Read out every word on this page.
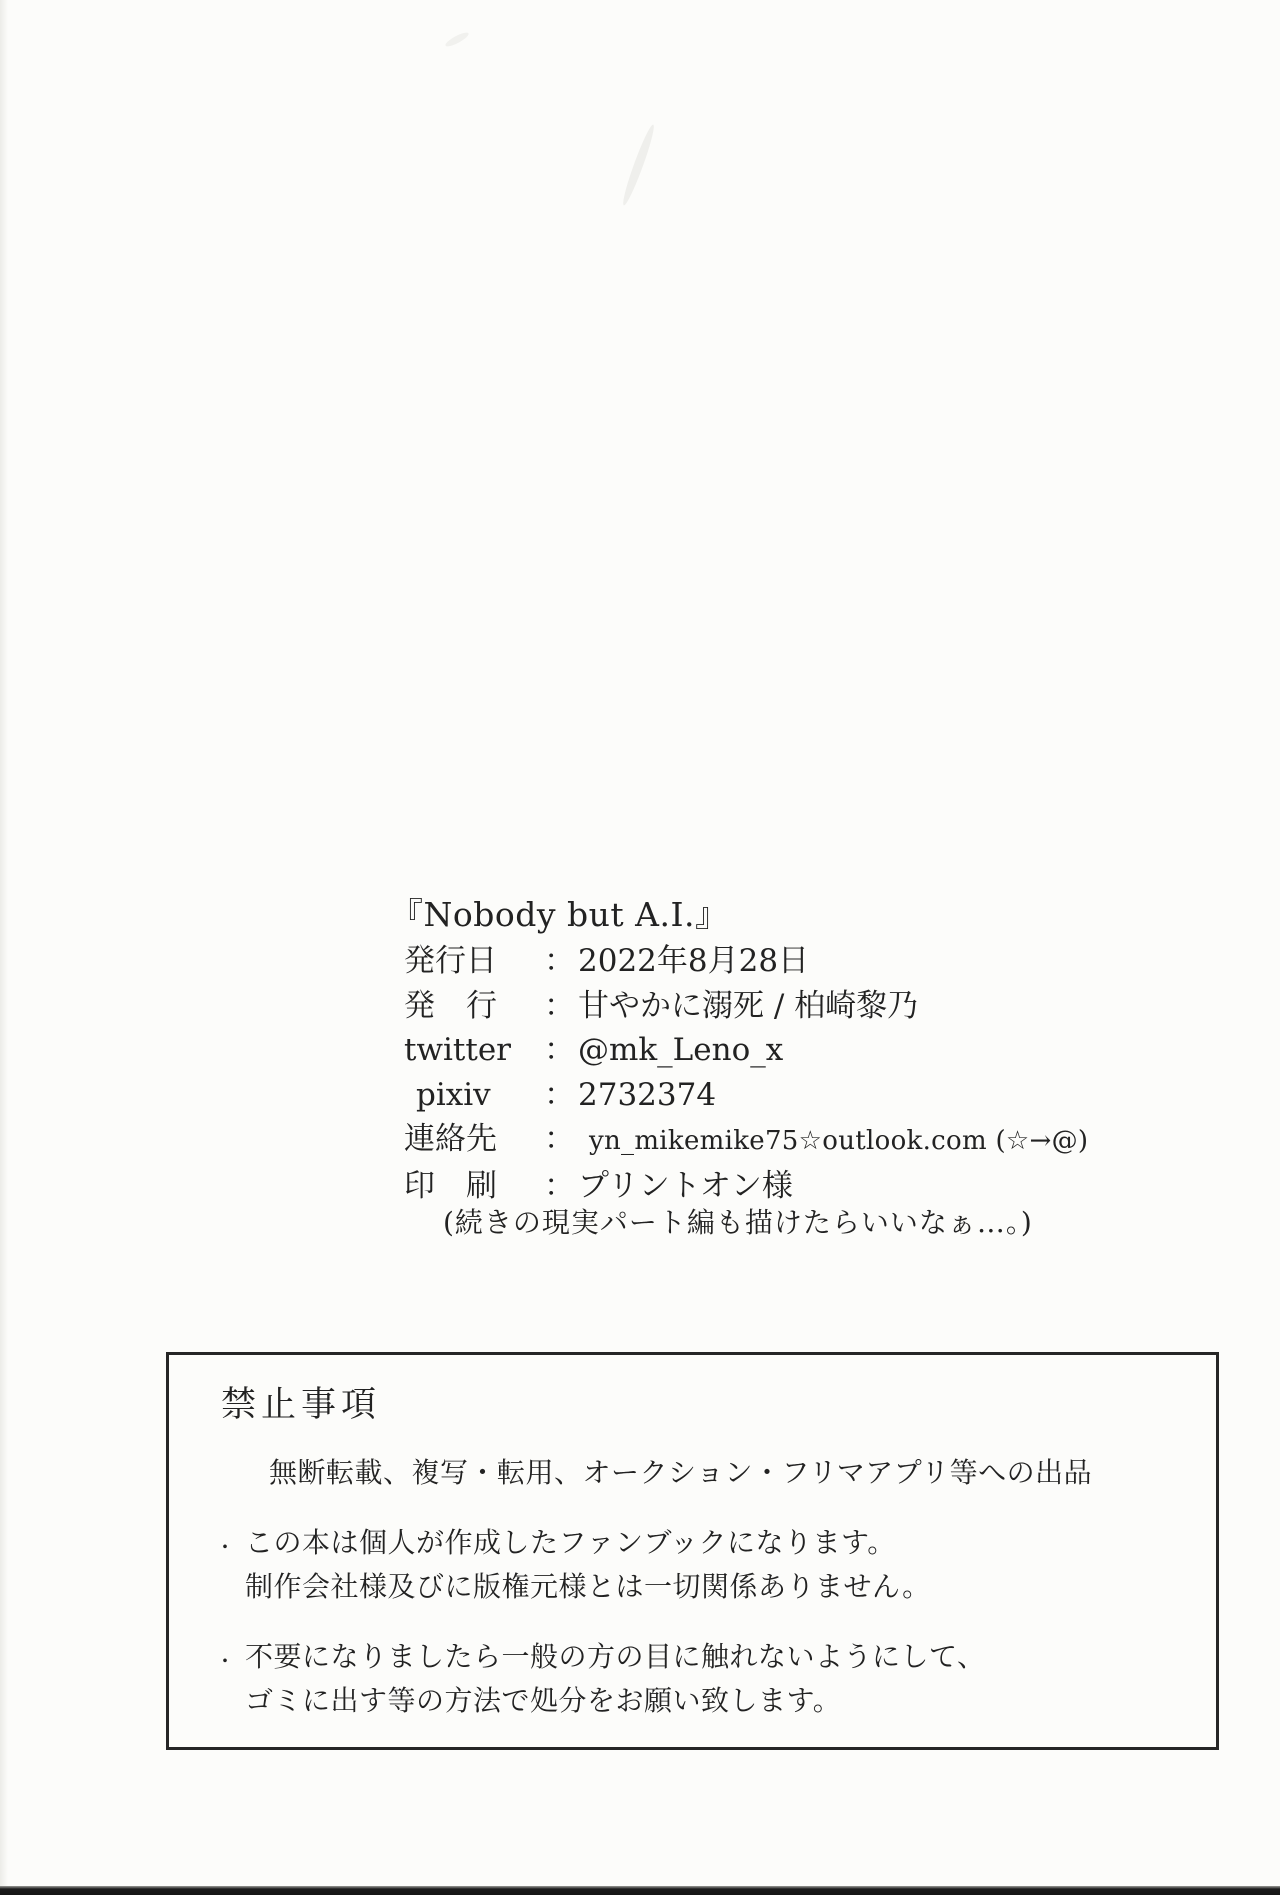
『Nobody but A.I.』
発行日 ：2022年8月28日
発　行 ：甘やかに溺死 / 柏崎黎乃
twitter ：@mk_Leno_x
pixiv ：2732374
連絡先 ： yn_mikemike75☆outlook.com (☆→@)
印　刷 ：プリントオン様
(続きの現実パート編も描けたらいいなぁ…。)
禁止事項
無断転載、複写・転用、オークション・フリマアプリ等への出品
・ この本は個人が作成したファンブックになります。
制作会社様及びに版権元様とは一切関係ありません。
・ 不要になりましたら一般の方の目に触れないようにして、
ゴミに出す等の方法で処分をお願い致します。
